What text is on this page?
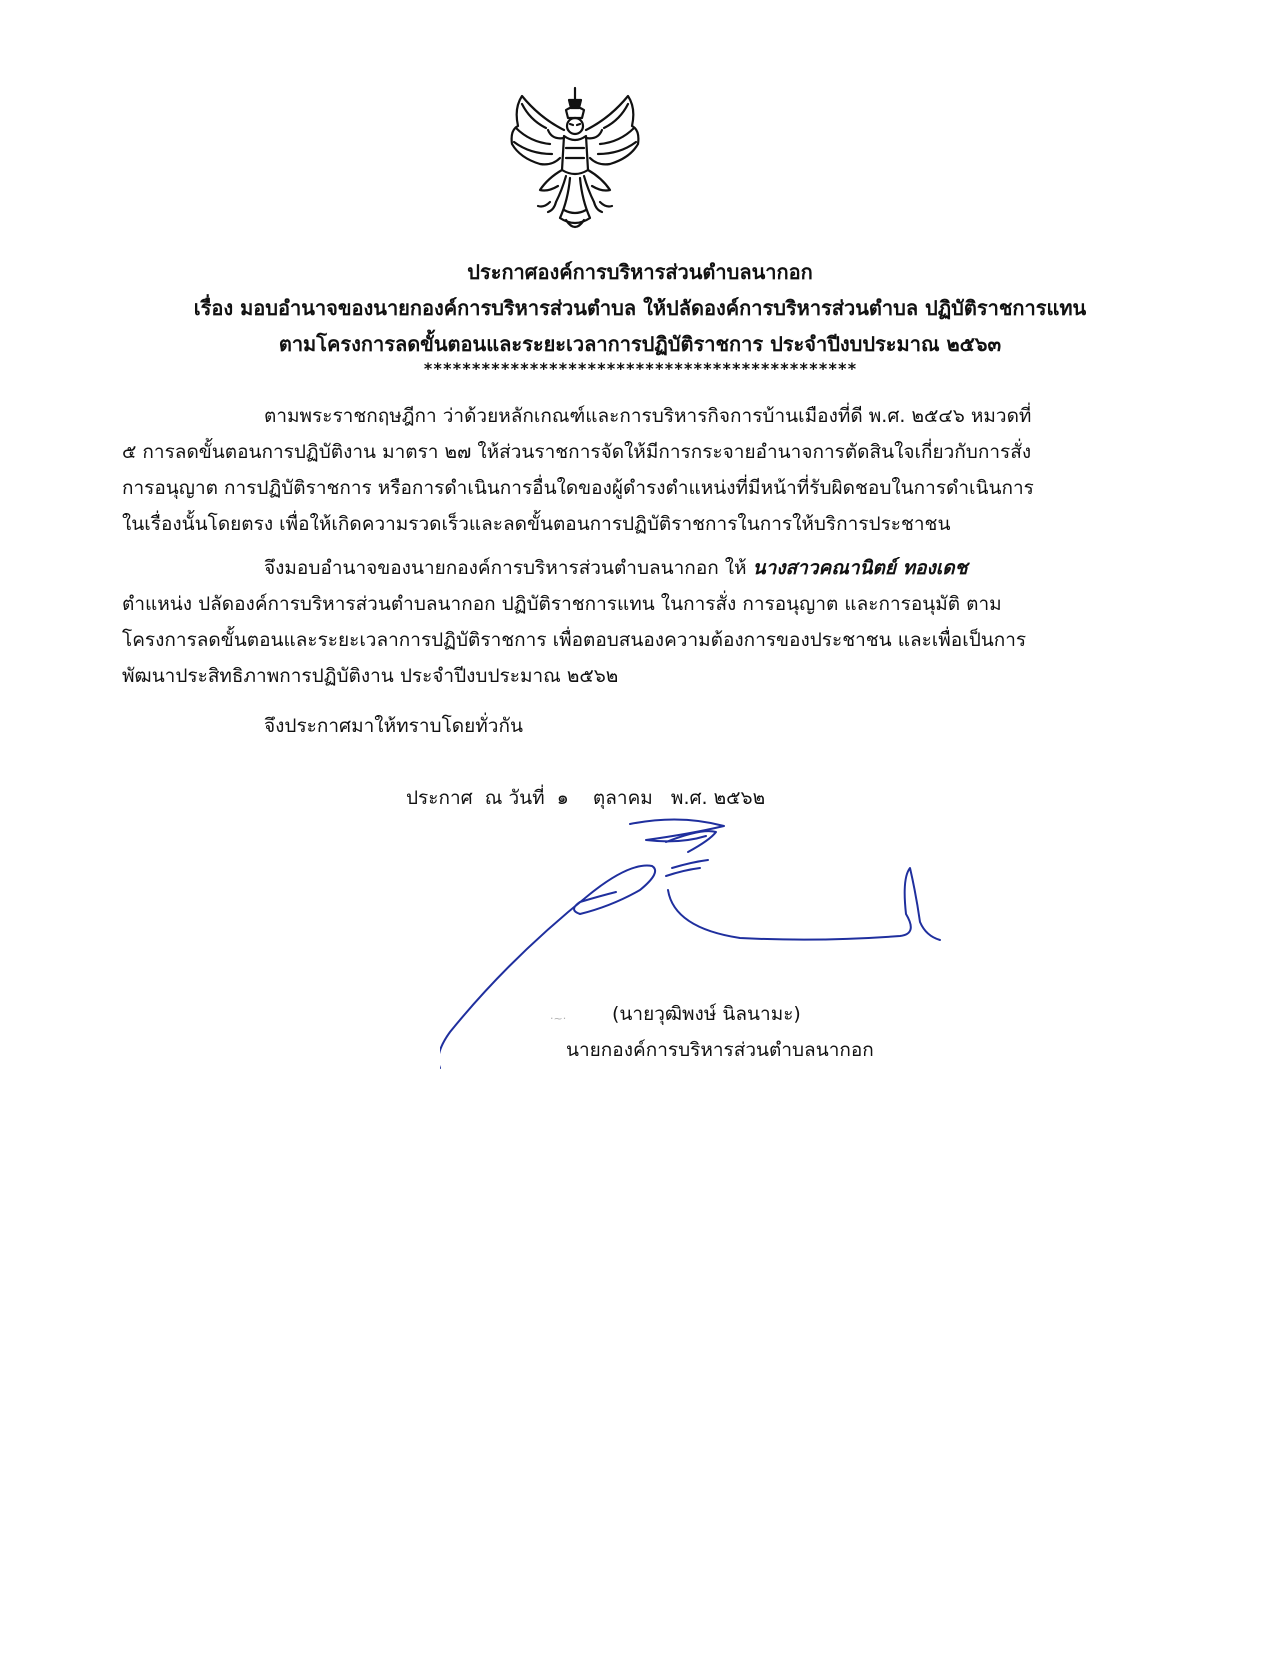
ประกาศองค์การบริหารส่วนตำบลนากอก
เรื่อง มอบอำนาจของนายกองค์การบริหารส่วนตำบล ให้ปลัดองค์การบริหารส่วนตำบล ปฏิบัติราชการแทน
ตามโครงการลดขั้นตอนและระยะเวลาการปฏิบัติราชการ ประจำปีงบประมาณ ๒๕๖๓
*********************************************
ตามพระราชกฤษฎีกา ว่าด้วยหลักเกณฑ์และการบริหารกิจการบ้านเมืองที่ดี พ.ศ. ๒๕๔๖ หมวดที่
๕ การลดขั้นตอนการปฏิบัติงาน มาตรา ๒๗ ให้ส่วนราชการจัดให้มีการกระจายอำนาจการตัดสินใจเกี่ยวกับการสั่ง
การอนุญาต การปฏิบัติราชการ หรือการดำเนินการอื่นใดของผู้ดำรงตำแหน่งที่มีหน้าที่รับผิดชอบในการดำเนินการ
ในเรื่องนั้นโดยตรง เพื่อให้เกิดความรวดเร็วและลดขั้นตอนการปฏิบัติราชการในการให้บริการประชาชน
จึงมอบอำนาจของนายกองค์การบริหารส่วนตำบลนากอก ให้ นางสาวคณานิตย์ ทองเดช
ตำแหน่ง ปลัดองค์การบริหารส่วนตำบลนากอก ปฏิบัติราชการแทน ในการสั่ง การอนุญาต และการอนุมัติ ตาม
โครงการลดขั้นตอนและระยะเวลาการปฏิบัติราชการ เพื่อตอบสนองความต้องการของประชาชน และเพื่อเป็นการ
พัฒนาประสิทธิภาพการปฏิบัติงาน ประจำปีงบประมาณ ๒๕๖๒
จึงประกาศมาให้ทราบโดยทั่วกัน
ประกาศ  ณ วันที่  ๑    ตุลาคม   พ.ศ. ๒๕๖๒
·~· (นายวุฒิพงษ์ นิลนามะ)
นายกองค์การบริหารส่วนตำบลนากอก
